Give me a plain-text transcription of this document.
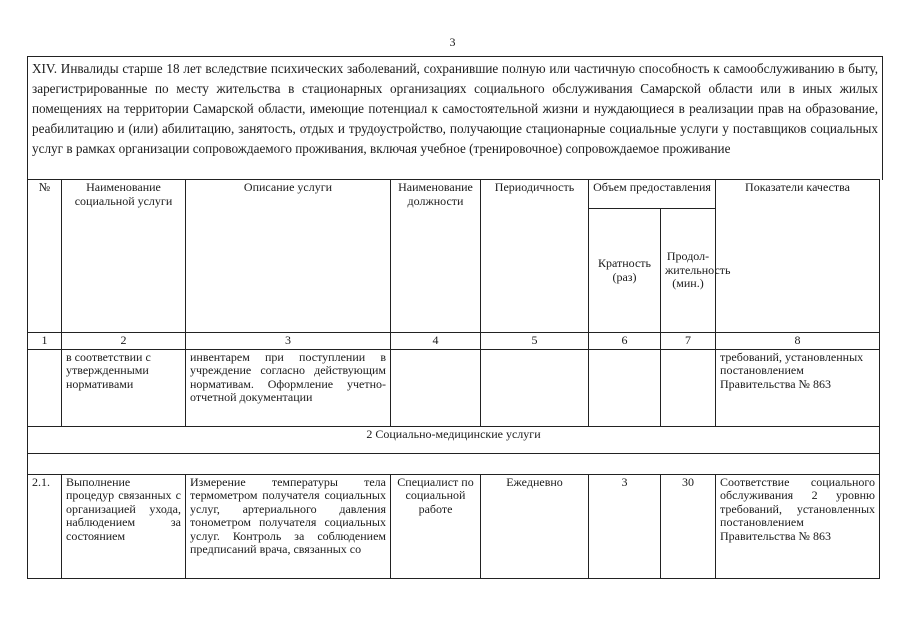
3
XIV. Инвалиды старше 18 лет вследствие психических заболеваний, сохранившие полную или частичную способность к самообслуживанию в быту, зарегистрированные по месту жительства в стационарных организациях социального обслуживания Самарской области или в иных жилых помещениях на территории Самарской области, имеющие потенциал к самостоятельной жизни и нуждающиеся в реализации прав на образование, реабилитацию и (или) абилитацию, занятость, отдых и трудоустройство, получающие стационарные социальные услуги у поставщиков социальных услуг в рамках организации сопровождаемого проживания, включая учебное (тренировочное) сопровождаемое проживание
№	Наименование социальной услуги	Описание услуги	Наименование должности	Периодичность	Объем предоставления		Показатели качества
					Кратность (раз)	Продол-жительность (мин.)	
1	2	3	4	5	6	7	8
	в соответствии с утвержденными нормативами	инвентарем при поступлении в учреждение согласно действующим нормативам. Оформление учетно-отчетной документации					требований, установленных постановлением Правительства № 863
2 Социально-медицинские услуги							

2.1.	Выполнение процедур связанных с организацией ухода, наблюдением за состоянием	Измерение температуры тела термометром получателя социальных услуг, артериального давления тонометром получателя социальных услуг. Контроль за соблюдением предписаний врача, связанных со	Специалист по социальной работе	Ежедневно	3	30	Соответствие социального обслуживания 2 уровню требований, установленных постановлением Правительства № 863
